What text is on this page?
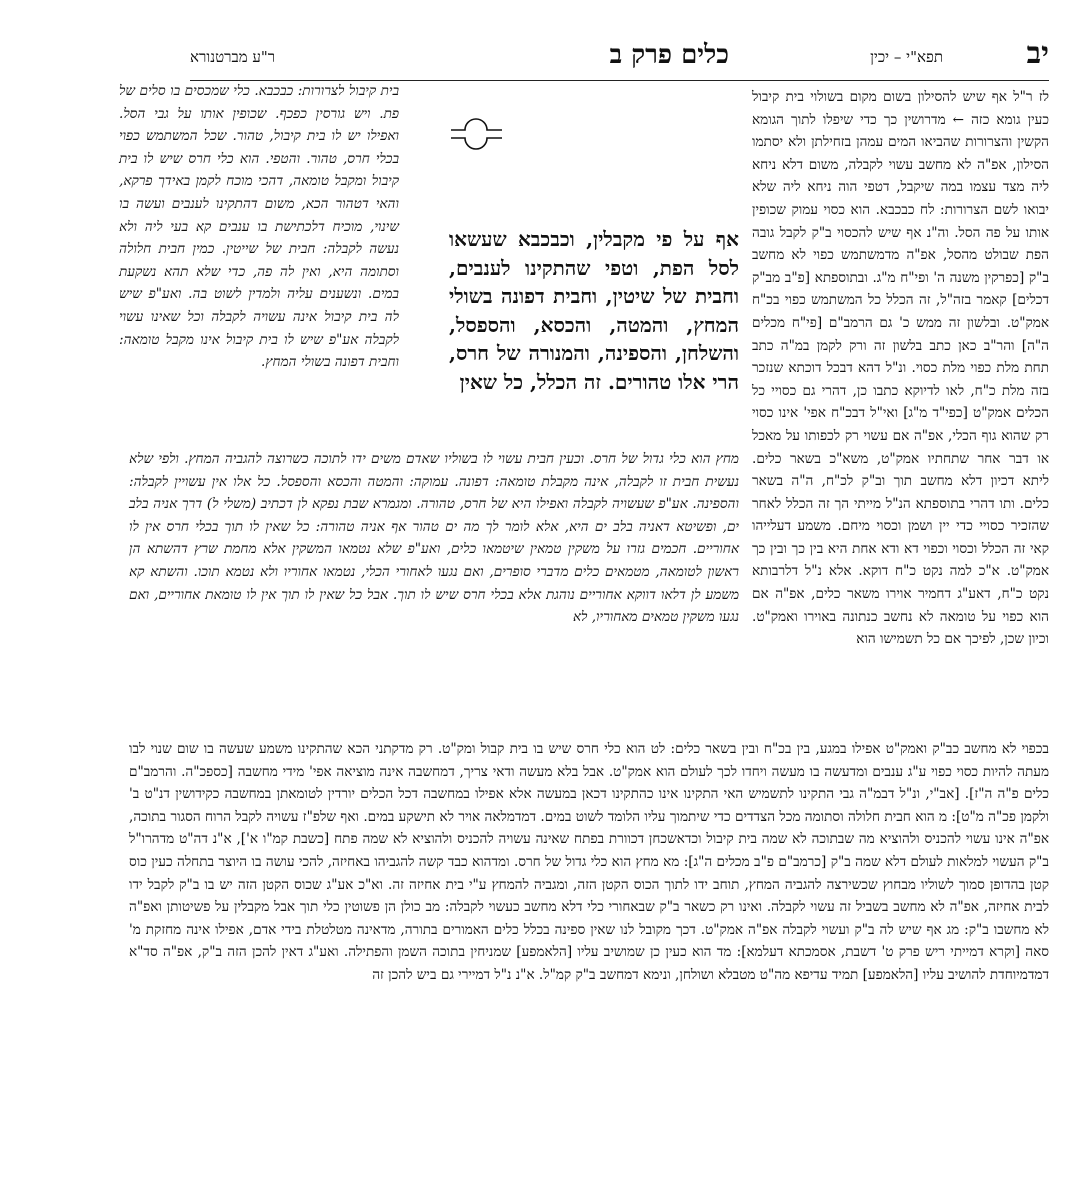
יב
תפא"י – יכין
כלים פרק ב
ר"ע מברטנורא
לז ר"ל אף שיש להסילון בשום מקום בשולוי בית קיבול כעין גומא כזה ← מדרושין כך כדי שיפלו לתוך הגומא הקשין והצרורות שהביאו המים עמהן בזחילתן ולא יסתמו הסילון, אפ"ה לא מחשב עשוי לקבלה, משום דלא ניחא ליה מצד עצמו במה שיקבל, דטפי הוה ניחא ליה שלא יבואו לשם הצרורות: לח כבכבא. הוא כסוי עמוק שכופין אותו על פה הסל. וה"נ אף שיש להכסוי ב"ק לקבל גובה הפת שבולט מהסל, אפ"ה מדמשתמש כפוי לא מחשב ב"ק [כפרקין משנה ה' ופי"ח מ"ג. ובתוספתא [פ"ב מב"ק דכלים] קאמר בזה"ל, זה הכלל כל המשתמש כפוי בכ"ח אמק"ט. ובלשון זה ממש כ' גם הרמב"ם [פי"ח מכלים ה"ה] והר"ב כאן כתב בלשון זה ורק לקמן במ"ה כתב תחת מלת כפוי מלת כסוי. ונ"ל דהא דבכל דוכתא שנזכר בזה מלת כ"ח, לאו לדיוקא כתבו כן, דהרי גם כסויי כל הכלים אמק"ט [כפי"ד מ"ג] ואי"ל דבכ"ח אפי' אינו כסוי רק שהוא גוף הכלי, אפ"ה אם עשוי רק לכפותו על מאכל או דבר אחר שתחתיו אמק"ט, משא"כ בשאר כלים. ליתא דכיון דלא מחשב תוך וב"ק לכ"ח, ה"ה בשאר כלים. ותו דהרי בתוספתא הנ"ל מייתי הך זה הכלל לאחר שהזכיר כסויי כדי יין ושמן וכסוי מיחם. משמע דעלייהו קאי זה הכלל וכסוי וכפוי דא ודא אחת היא בין כך ובין כך אמק"ט. א"כ למה נקט כ"ח דוקא. אלא נ"ל דלרבותא נקט כ"ח, דאע"ג דחמיר אוירו משאר כלים, אפ"ה אם הוא כפוי על טומאה לא נחשב כנתונה באוירו ואמק"ט. וכיון שכן, לפיכך אם כל תשמישו הוא
בית קיבול לצרורות: כבכבא. כלי שמכסים בו סלים של פת. ויש גורסין כפכף. שכופין אותו על גבי הסל. ואפילו יש לו בית קיבול, טהור. שכל המשתמש כפוי בכלי חרס, טהור. והטפי. הוא כלי חרס שיש לו בית קיבול ומקבל טומאה, דהכי מוכח לקמן באידך פרקא, והאי דטהור הכא, משום דהתקינו לענבים ועשה בו שינוי, מוכיח דלכתישת בו ענבים קא בעי ליה ולא נעשה לקבלה: חבית של שייטין. כמין חבית חלולה וסתומה היא, ואין לה פה, כדי שלא תהא נשקעת במים. ונשענים עליה ולמדין לשוט בה. ואע"פ שיש לה בית קיבול אינה עשויה לקבלה וכל שאינו עשוי לקבלה אע"פ שיש לו בית קיבול אינו מקבל טומאה: וחבית דפונה בשולי המחץ.
אף על פי מקבלין, וכבכבא שעשאו לסל הפת, וטפי שהתקינו לענבים, וחבית של שיטין, וחבית דפונה בשולי המחץ, והמטה, והכסא, והספסל, והשלחן, והספינה, והמנורה של חרס, הרי אלו טהורים. זה הכלל, כל שאין
מחץ הוא כלי גדול של חרס. וכעין חבית עשוי לו בשוליו שאדם משים ידו לתוכה כשרוצה להגביה המחץ. ולפי שלא נעשית חבית זו לקבלה, אינה מקבלת טומאה: דפונה. עמוקה: והמטה והכסא והספסל. כל אלו אין עשויין לקבלה: והספינה. אע"פ שעשויה לקבלה ואפילו היא של חרס, טהורה. ומגמרא שבת נפקא לן דכתיב (משלי ל) דרך אניה בלב ים, ופשיטא דאניה בלב ים היא, אלא לומר לך מה ים טהור אף אניה טהורה: כל שאין לו תוך בכלי חרס אין לו אחוריים. חכמים גזרו על משקין טמאין שיטמאו כלים, ואע"פ שלא נטמאו המשקין אלא מחמת שרץ דהשתא הן ראשון לטומאה, מטמאים כלים מדברי סופרים, ואם נגעו לאחורי הכלי, נטמאו אחוריו ולא נטמא תוכו. והשתא קא משמע לן דלאו דווקא אחוריים נוהגת אלא בכלי חרס שיש לו תוך. אבל כל שאין לו תוך אין לו טומאת אחוריים, ואם נגעו משקין טמאים מאחוריו, לא
בכפוי לא מחשב כב"ק ואמק"ט אפילו במגע, בין בכ"ח ובין בשאר כלים: לט הוא כלי חרס שיש בו בית קבול ומק"ט. רק מדקתני הכא שהתקינו משמע שעשה בו שום שנוי לבו מעתה להיות כסוי כפוי ע"ג ענבים ומדעשה בו מעשה ויחדו לכך לעולם הוא אמק"ט. אבל בלא מעשה ודאי צריך, דמחשבה אינה מוציאה אפי' מידי מחשבה [כספכ"ה. והרמב"ם כלים פ"ה ה"ז]. [אב"י, ונ"ל דבמ"ה גבי התקינו לתשמיש האי התקינו אינו כהתקינו דכאן במעשה אלא אפילו במחשבה דכל הכלים יורדין לטומאתן במחשבה כקידושין דנ"ט ב' ולקמן פכ"ה מ"ט]: מ הוא חבית חלולה וסתומה מכל הצדדים כדי שיתמוך עליו הלומד לשוט במים. דמדמלאה אויר לא תישקע במים. ואף שלפ"ז עשויה לקבל הרוח הסגור בתוכה, אפ"ה אינו עשוי להכניס ולהוציא מה שבתוכה לא שמה בית קיבול וכדאשכחן דכוורת בפתח שאינה עשויה להכניס ולהוציא לא שמה פתח [כשבת קמ"ו א'], א"נ דה"ט מדהרו"ל ב"ק העשוי למלאות לעולם דלא שמה ב"ק [כרמב"ם פ"ב מכלים ה"ג]: מא מחץ הוא כלי גדול של חרס. ומדהוא כבד קשה להגביהו באחיזה, להכי עושה בו היוצר בתחלה כעין כוס קטן בהדופן סמוך לשוליו מבחוץ שכשירצה להגביה המחץ, תוחב ידו לתוך הכוס הקטן הזה, ומגביה להמחץ ע"י בית אחיזה זה. וא"כ אע"ג שכוס הקטן הזה יש בו ב"ק לקבל ידו לבית אחיזה, אפ"ה לא מחשב בשביל זה עשוי לקבלה. ואינו רק כשאר ב"ק שבאחורי כלי דלא מחשב כעשוי לקבלה: מב כולן הן פשוטין כלי תוך אבל מקבלין על פשיטותן ואפ"ה לא מחשבו ב"ק: מג אף שיש לה ב"ק ועשוי לקבלה אפ"ה אמק"ט. דכך מקובל לנו שאין ספינה בכלל כלים האמורים בתורה, מדאינה מטלטלת בידי אדם, אפילו אינה מחזקת מ' סאה [וקרא דמייתי ריש פרק ט' דשבת, אסמכתא דעלמא]: מד הוא כעין כן שמושיב עליו [הלאמפע] שמניחין בתוכה השמן והפתילה. ואע"ג דאין להכן הזה ב"ק, אפ"ה סד"א דמדמיוחדת להושיב עליו [הלאמפע] תמיד עדיפא מה"ט מטבלא ושולחן, ונימא דמחשב ב"ק קמ"ל. א"נ נ"ל דמיירי גם ביש להכן זה
